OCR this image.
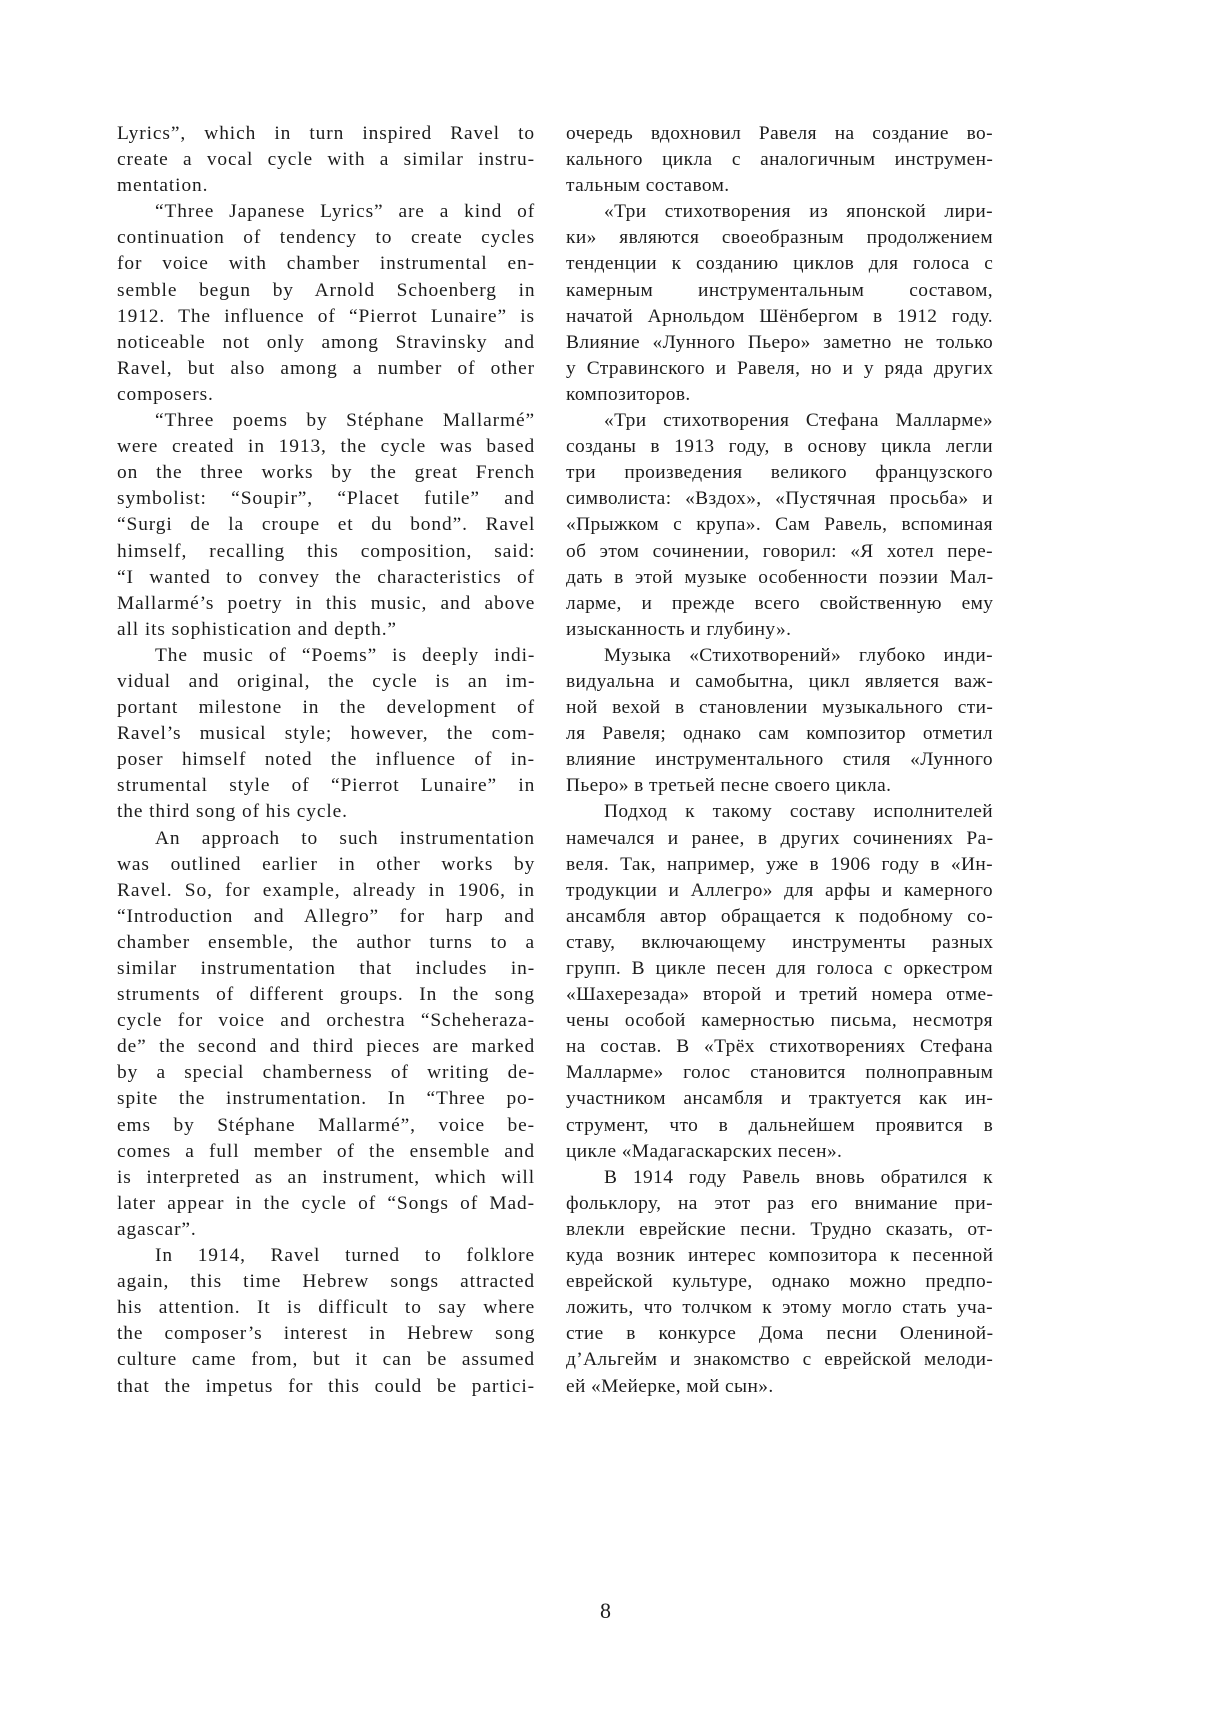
Lyrics”, which in turn inspired Ravel to
create a vocal cycle with a similar instru-
mentation.
“Three Japanese Lyrics” are a kind of
continuation of tendency to create cycles
for voice with chamber instrumental en-
semble begun by Arnold Schoenberg in
1912. The influence of “Pierrot Lunaire” is
noticeable not only among Stravinsky and
Ravel, but also among a number of other
composers.
“Three poems by Stéphane Mallarmé”
were created in 1913, the cycle was based
on the three works by the great French
symbolist: “Soupir”, “Placet futile” and
“Surgi de la croupe et du bond”. Ravel
himself, recalling this composition, said:
“I wanted to convey the characteristics of
Mallarmé’s poetry in this music, and above
all its sophistication and depth.”
The music of “Poems” is deeply indi-
vidual and original, the cycle is an im-
portant milestone in the development of
Ravel’s musical style; however, the com-
poser himself noted the influence of in-
strumental style of “Pierrot Lunaire” in
the third song of his cycle.
An approach to such instrumentation
was outlined earlier in other works by
Ravel. So, for example, already in 1906, in
“Introduction and Allegro” for harp and
chamber ensemble, the author turns to a
similar instrumentation that includes in-
struments of different groups. In the song
cycle for voice and orchestra “Scheheraza-
de” the second and third pieces are marked
by a special chamberness of writing de-
spite the instrumentation. In “Three po-
ems by Stéphane Mallarmé”, voice be-
comes a full member of the ensemble and
is interpreted as an instrument, which will
later appear in the cycle of “Songs of Mad-
agascar”.
In 1914, Ravel turned to folklore
again, this time Hebrew songs attracted
his attention. It is difficult to say where
the composer’s interest in Hebrew song
culture came from, but it can be assumed
that the impetus for this could be partici-
очередь вдохновил Равеля на создание во-
кального цикла с аналогичным инструмен-
тальным составом.
«Три стихотворения из японской лири-
ки» являются своеобразным продолжением
тенденции к созданию циклов для голоса с
камерным инструментальным составом,
начатой Арнольдом Шёнбергом в 1912 году.
Влияние «Лунного Пьеро» заметно не только
у Стравинского и Равеля, но и у ряда других
композиторов.
«Три стихотворения Стефана Малларме»
созданы в 1913 году, в основу цикла легли
три произведения великого французского
символиста: «Вздох», «Пустячная просьба» и
«Прыжком с крупа». Сам Равель, вспоминая
об этом сочинении, говорил: «Я хотел пере-
дать в этой музыке особенности поэзии Мал-
ларме, и прежде всего свойственную ему
изысканность и глубину».
Музыка «Стихотворений» глубоко инди-
видуальна и самобытна, цикл является важ-
ной вехой в становлении музыкального сти-
ля Равеля; однако сам композитор отметил
влияние инструментального стиля «Лунного
Пьеро» в третьей песне своего цикла.
Подход к такому составу исполнителей
намечался и ранее, в других сочинениях Ра-
веля. Так, например, уже в 1906 году в «Ин-
тродукции и Аллегро» для арфы и камерного
ансамбля автор обращается к подобному со-
ставу, включающему инструменты разных
групп. В цикле песен для голоса с оркестром
«Шахерезада» второй и третий номера отме-
чены особой камерностью письма, несмотря
на состав. В «Трёх стихотворениях Стефана
Малларме» голос становится полноправным
участником ансамбля и трактуется как ин-
струмент, что в дальнейшем проявится в
цикле «Мадагаскарских песен».
В 1914 году Равель вновь обратился к
фольклору, на этот раз его внимание при-
влекли еврейские песни. Трудно сказать, от-
куда возник интерес композитора к песенной
еврейской культуре, однако можно предпо-
ложить, что толчком к этому могло стать уча-
стие в конкурсе Дома песни Олениной-
д’Альгейм и знакомство с еврейской мелоди-
ей «Мейерке, мой сын».
8
